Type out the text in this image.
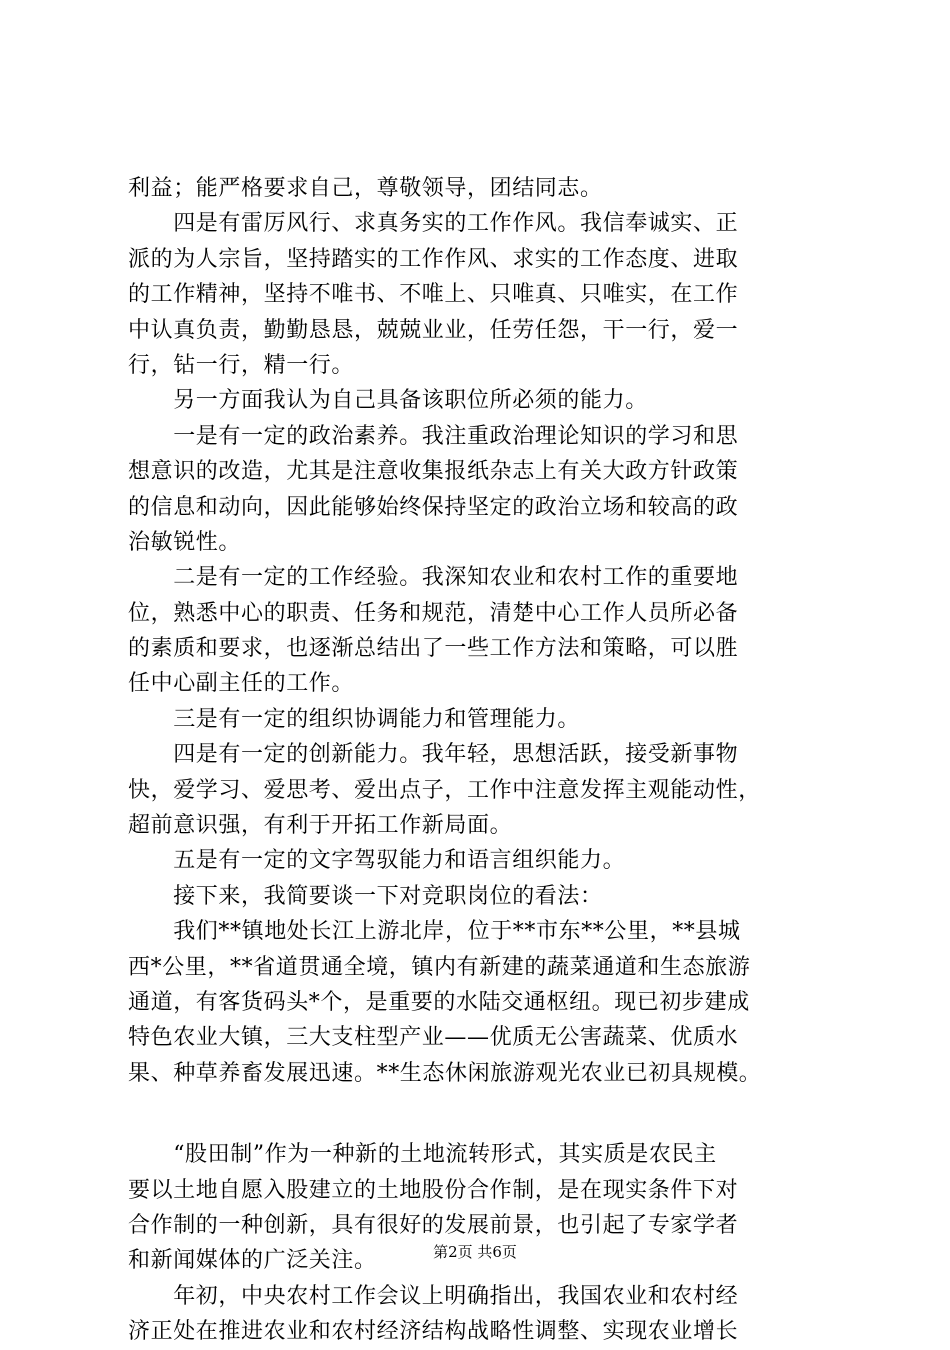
利益；能严格要求自己，尊敬领导，团结同志。
　　四是有雷厉风行、求真务实的工作作风。我信奉诚实、正
派的为人宗旨，坚持踏实的工作作风、求实的工作态度、进取
的工作精神，坚持不唯书、不唯上、只唯真、只唯实，在工作
中认真负责，勤勤恳恳，兢兢业业，任劳任怨，干一行，爱一
行，钻一行，精一行。
　　另一方面我认为自己具备该职位所必须的能力。
　　一是有一定的政治素养。我注重政治理论知识的学习和思
想意识的改造，尤其是注意收集报纸杂志上有关大政方针政策
的信息和动向，因此能够始终保持坚定的政治立场和较高的政
治敏锐性。
　　二是有一定的工作经验。我深知农业和农村工作的重要地
位，熟悉中心的职责、任务和规范，清楚中心工作人员所必备
的素质和要求，也逐渐总结出了一些工作方法和策略，可以胜
任中心副主任的工作。
　　三是有一定的组织协调能力和管理能力。
　　四是有一定的创新能力。我年轻，思想活跃，接受新事物
快，爱学习、爱思考、爱出点子，工作中注意发挥主观能动性，
超前意识强，有利于开拓工作新局面。
　　五是有一定的文字驾驭能力和语言组织能力。
　　接下来，我简要谈一下对竞职岗位的看法：
　　我们**镇地处长江上游北岸，位于**市东**公里，**县城
西*公里，**省道贯通全境，镇内有新建的蔬菜通道和生态旅游
通道，有客货码头*个，是重要的水陆交通枢纽。现已初步建成
特色农业大镇，三大支柱型产业——优质无公害蔬菜、优质水
果、种草养畜发展迅速。**生态休闲旅游观光农业已初具规模。
　　“股田制”作为一种新的土地流转形式，其实质是农民主
要以土地自愿入股建立的土地股份合作制，是在现实条件下对
合作制的一种创新，具有很好的发展前景，也引起了专家学者
和新闻媒体的广泛关注。
　　年初，中央农村工作会议上明确指出，我国农业和农村经
济正处在推进农业和农村经济结构战略性调整、实现农业增长
第2页 共6页
